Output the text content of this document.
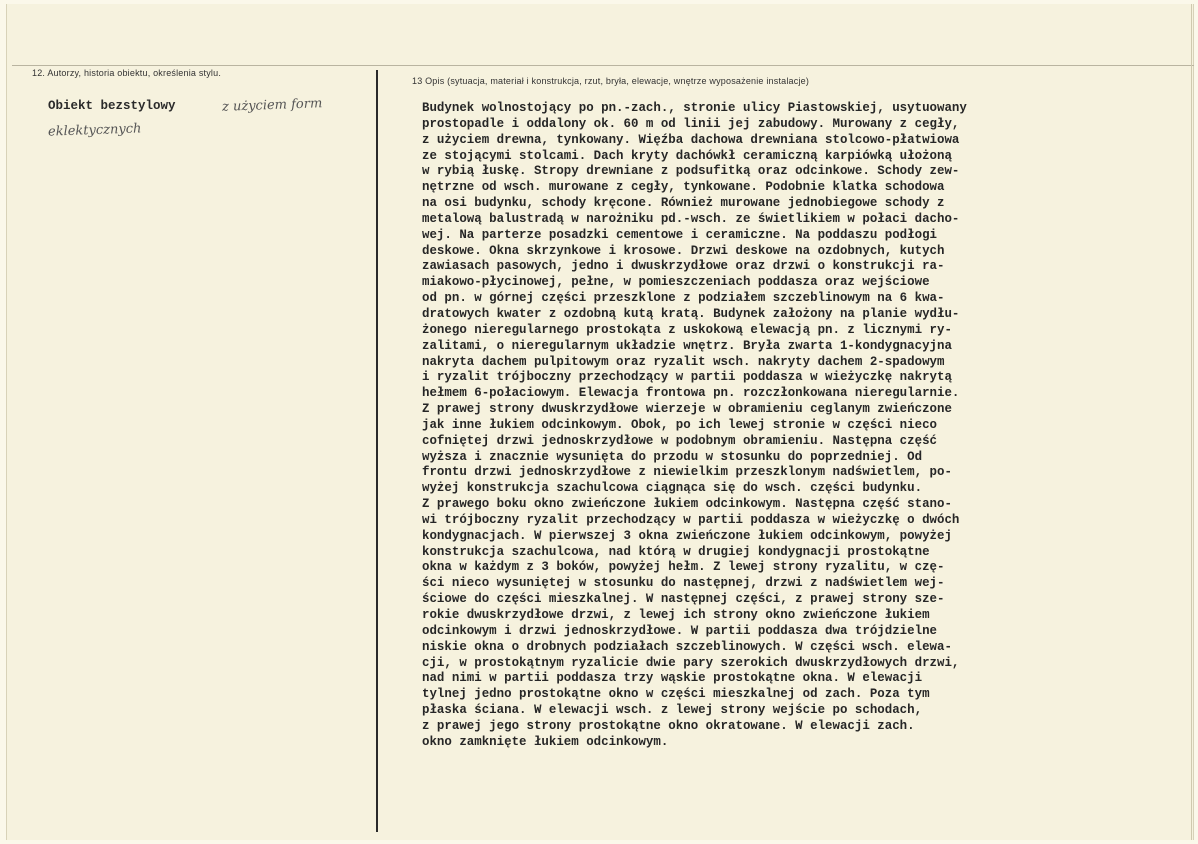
12. Autorzy, historia obiektu, określenia stylu.
13 Opis (sytuacja, materiał i konstrukcja, rzut, bryła, elewacje, wnętrze wyposażenie instalacje)
Obiekt bezstylowy	z użyciem form
eklektycznych
Budynek wolnostojący po pn.-zach., stronie ulicy Piastowskiej, usytuowany
prostopadle i oddalony ok. 60 m od linii jej zabudowy. Murowany z cegły,
z użyciem drewna, tynkowany. Więźba dachowa drewniana stolcowo-płatwiowa
ze stojącymi stolcami. Dach kryty dachówkł ceramiczną karpiówką ułożoną
w rybią łuskę. Stropy drewniane z podsufitką oraz odcinkowe. Schody zew-
nętrzne od wsch. murowane z cegły, tynkowane. Podobnie klatka schodowa
na osi budynku, schody kręcone. Również murowane jednobiegowe schody z
metalową balustradą w narożniku pd.-wsch. ze świetlikiem w połaci dacho-
wej. Na parterze posadzki cementowe i ceramiczne. Na poddaszu podłogi
deskowe. Okna skrzynkowe i krosowe. Drzwi deskowe na ozdobnych, kutych
zawiasach pasowych, jedno i dwuskrzydłowe oraz drzwi o konstrukcji ra-
miakowo-płycinowej, pełne, w pomieszczeniach poddasza oraz wejściowe
od pn. w górnej części przeszklone z podziałem szczeblinowym na 6 kwa-
dratowych kwater z ozdobną kutą kratą. Budynek założony na planie wydłu-
żonego nieregularnego prostokąta z uskokową elewacją pn. z licznymi ry-
zalitami, o nieregularnym układzie wnętrz. Bryła zwarta 1-kondygnacyjna
nakryta dachem pulpitowym oraz ryzalit wsch. nakryty dachem 2-spadowym
i ryzalit trójboczny przechodzący w partii poddasza w wieżyczkę nakrytą
hełmem 6-połaciowym. Elewacja frontowa pn. rozczłonkowana nieregularnie.
Z prawej strony dwuskrzydłowe wierzeje w obramieniu ceglanym zwieńczone
jak inne łukiem odcinkowym. Obok, po ich lewej stronie w części nieco
cofniętej drzwi jednoskrzydłowe w podobnym obramieniu. Następna część
wyższa i znacznie wysunięta do przodu w stosunku do poprzedniej. Od
frontu drzwi jednoskrzydłowe z niewielkim przeszklonym nadświetlem, po-
wyżej konstrukcja szachulcowa ciągnąca się do wsch. części budynku.
Z prawego boku okno zwieńczone łukiem odcinkowym. Następna część stano-
wi trójboczny ryzalit przechodzący w partii poddasza w wieżyczkę o dwóch
kondygnacjach. W pierwszej 3 okna zwieńczone łukiem odcinkowym, powyżej
konstrukcja szachulcowa, nad którą w drugiej kondygnacji prostokątne
okna w każdym z 3 boków, powyżej hełm. Z lewej strony ryzalitu, w czę-
ści nieco wysuniętej w stosunku do następnej, drzwi z nadświetlem wej-
ściowe do części mieszkalnej. W następnej części, z prawej strony sze-
rokie dwuskrzydłowe drzwi, z lewej ich strony okno zwieńczone łukiem
odcinkowym i drzwi jednoskrzydłowe. W partii poddasza dwa trójdzielne
niskie okna o drobnych podziałach szczeblinowych. W części wsch. elewa-
cji, w prostokątnym ryzalicie dwie pary szerokich dwuskrzydłowych drzwi,
nad nimi w partii poddasza trzy wąskie prostokątne okna. W elewacji
tylnej jedno prostokątne okno w części mieszkalnej od zach. Poza tym
płaska ściana. W elewacji wsch. z lewej strony wejście po schodach,
z prawej jego strony prostokątne okno okratowane. W elewacji zach.
okno zamknięte łukiem odcinkowym.
